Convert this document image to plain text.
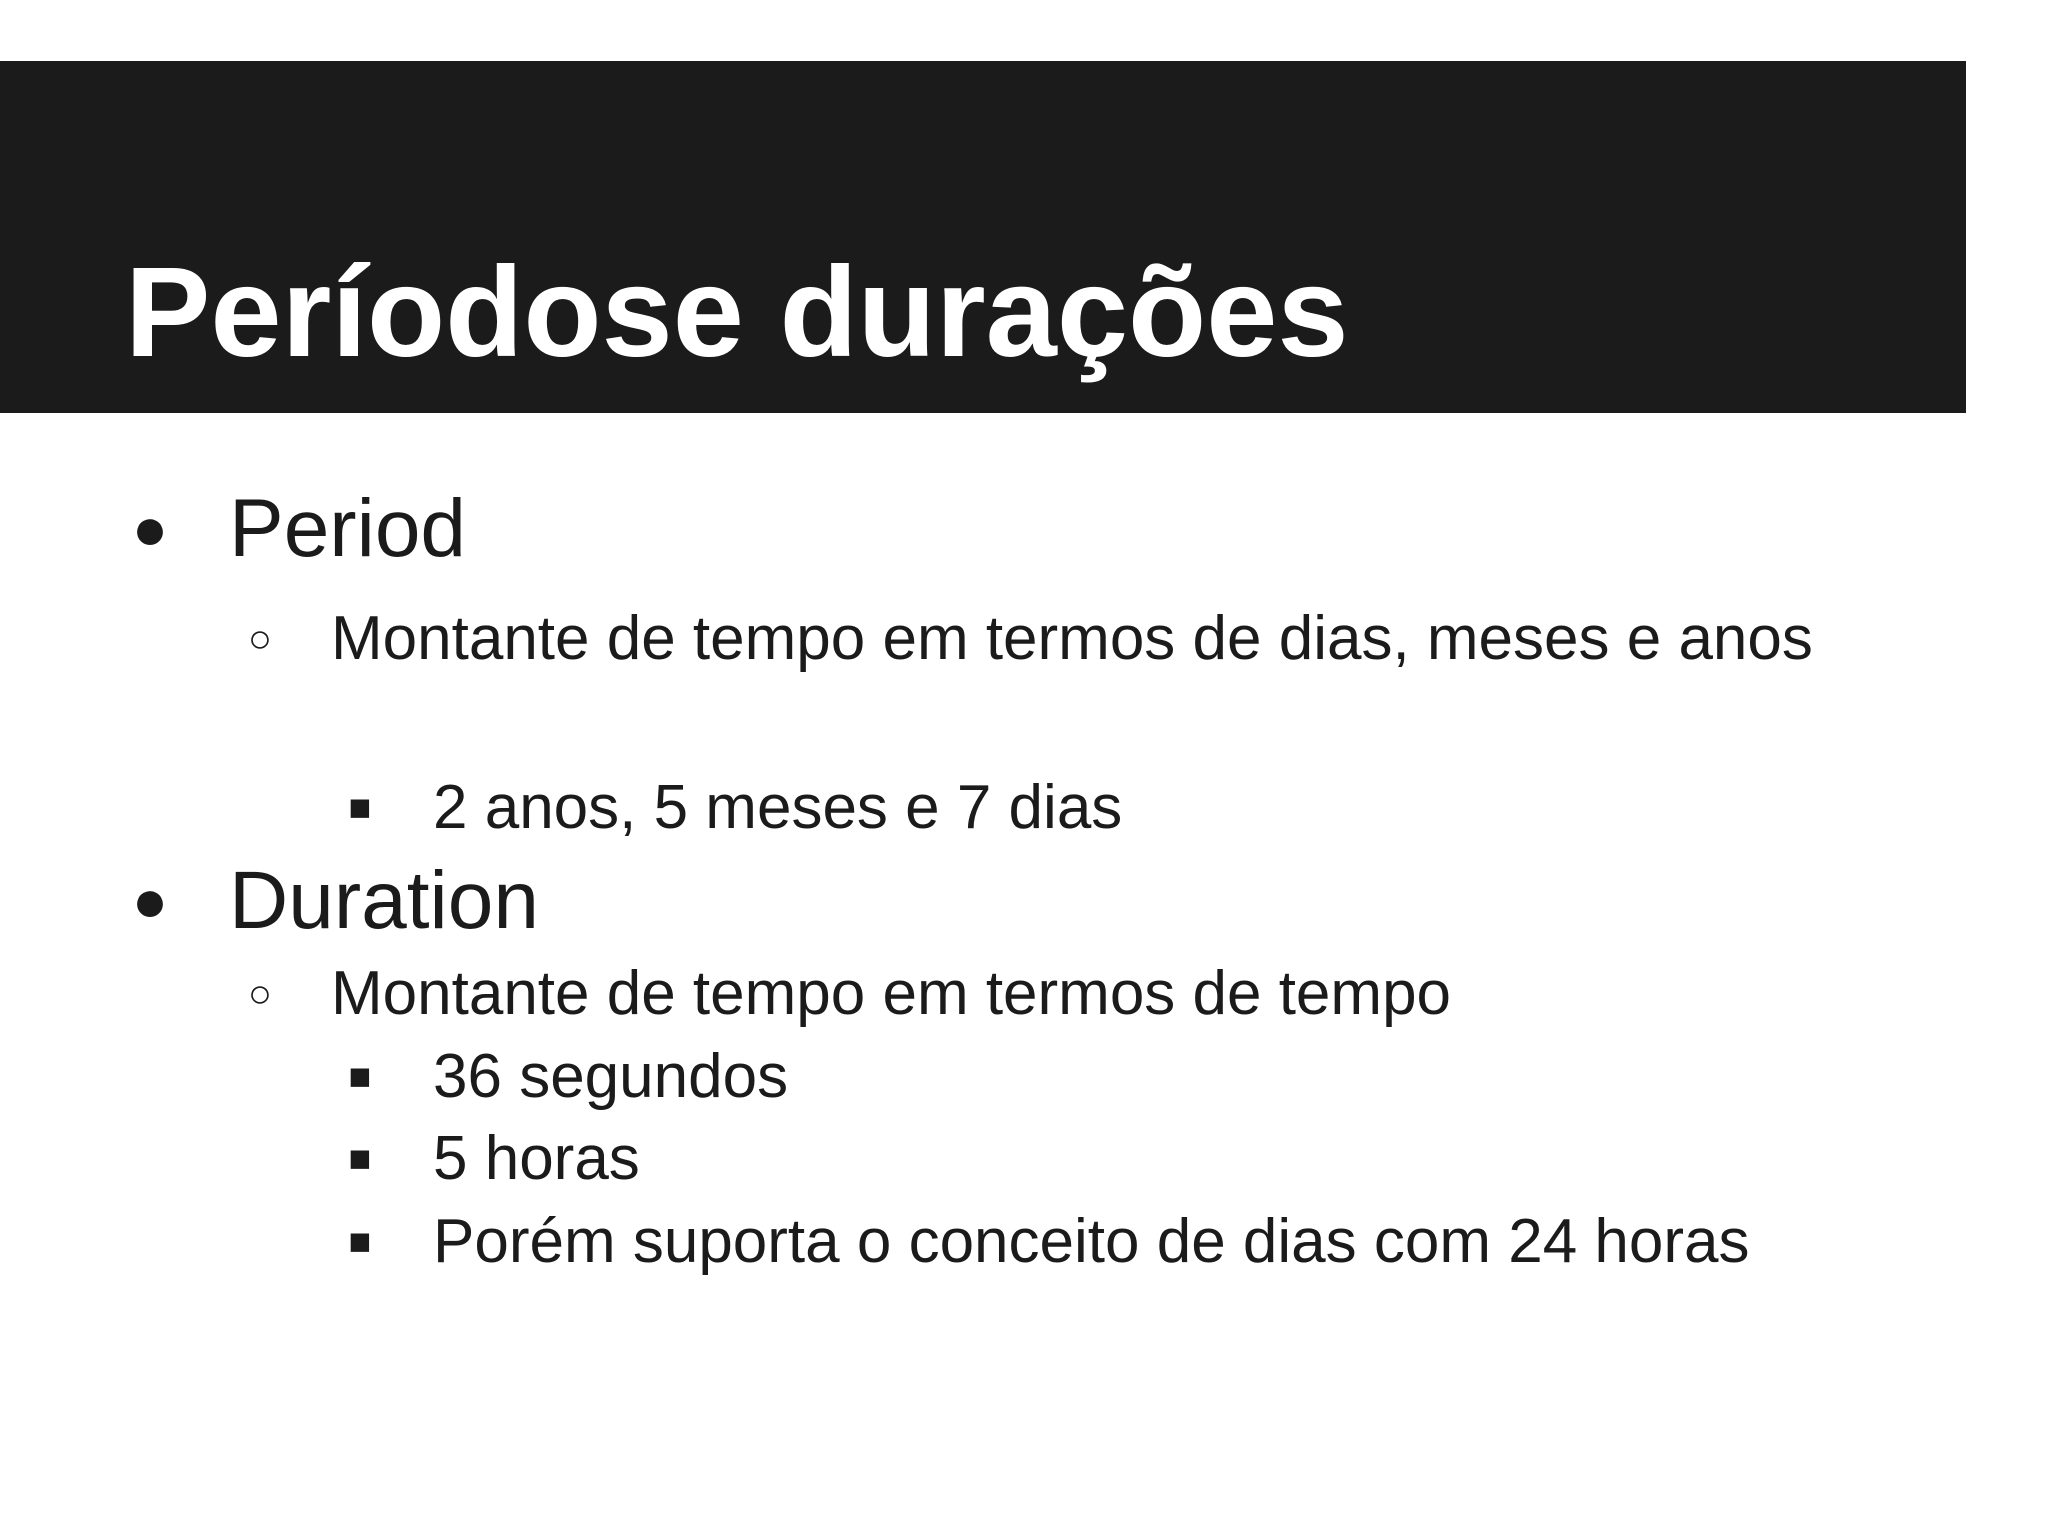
Períodose durações
● Period
○ Montante de tempo em termos de dias, meses e anos
■ 2 anos, 5 meses e 7 dias
● Duration
○ Montante de tempo em termos de tempo
■ 36 segundos
■ 5 horas
■ Porém suporta o conceito de dias com 24 horas
